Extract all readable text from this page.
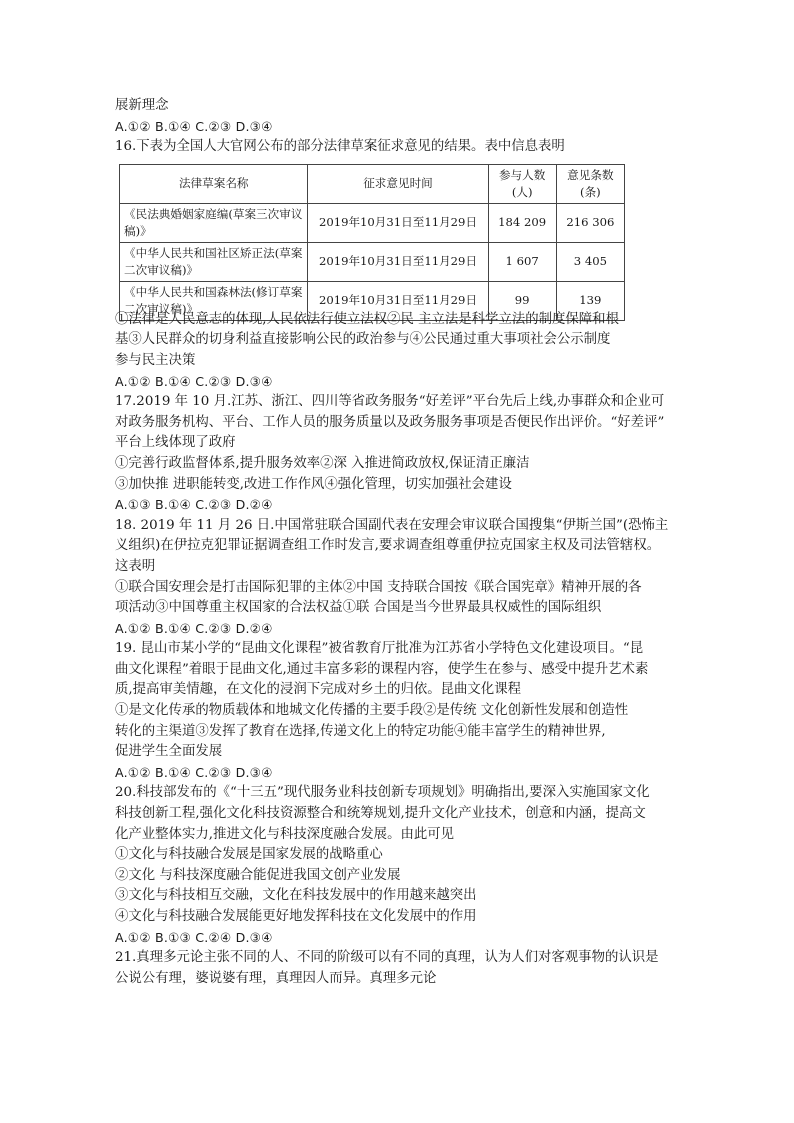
展新理念
A.①② B.①④ C.②③ D.③④
16.下表为全国人大官网公布的部分法律草案征求意见的结果。表中信息表明
法律草案名称	征求意见时间	参与人数(人)	意见条数(条)
《民法典婚姻家庭编(草案三次审议稿)》	2019年10月31日至11月29日	184 209	216 306
《中华人民共和国社区矫正法(草案二次审议稿)》	2019年10月31日至11月29日	1 607	3 405
《中华人民共和国森林法(修订草案二次审议稿)》	2019年10月31日至11月29日	99	139
①法律是人民意志的体现,人民依法行使立法权②民 主立法是科学立法的制度保障和根
基③人民群众的切身利益直接影响公民的政治参与④公民通过重大事项社会公示制度
参与民主决策
A.①② B.①④ C.②③ D.③④
17.2019 年 10 月.江苏、浙江、四川等省政务服务“好差评”平台先后上线,办事群众和企业可
对政务服务机构、平台、工作人员的服务质量以及政务服务事项是否便民作出评价。“好差评”
平台上线体现了政府
①完善行政监督体系,提升服务效率②深 入推进简政放权,保证清正廉洁
③加快推 进职能转变,改进工作作风④强化管理，切实加强社会建设
A.①③ B.①④ C.②③ D.②④
18. 2019 年 11 月 26 日.中国常驻联合国副代表在安理会审议联合国搜集“伊斯兰国”(恐怖主
义组织)在伊拉克犯罪证据调查组工作时发言,要求调查组尊重伊拉克国家主权及司法管辖权。
这表明
①联合国安理会是打击国际犯罪的主体②中国 支持联合国按《联合国宪章》精神开展的各
项活动③中国尊重主权国家的合法权益①联 合国是当今世界最具权威性的国际组织
A.①② B.①④ C.②③ D.②④
19. 昆山市某小学的“昆曲文化课程”被省教育厅批准为江苏省小学特色文化建设项目。“昆
曲文化课程”着眼于昆曲文化,通过丰富多彩的课程内容，使学生在参与、感受中提升艺术素
质,提高审美情趣，在文化的浸润下完成对乡土的归依。昆曲文化课程
①是文化传承的物质载体和地城文化传播的主要手段②是传统 文化创新性发展和创造性
转化的主渠道③发挥了教育在选择,传递文化上的特定功能④能丰富学生的精神世界,
促进学生全面发展
A.①② B.①④ C.②③ D.③④
20.科技部发布的《“十三五”现代服务业科技创新专项规划》明确指出,要深入实施国家文化
科技创新工程,强化文化科技资源整合和统筹规划,提升文化产业技术，创意和内涵，提高文
化产业整体实力,推进文化与科技深度融合发展。由此可见
①文化与科技融合发展是国家发展的战略重心
②文化 与科技深度融合能促进我国文创产业发展
③文化与科技相互交融，文化在科技发展中的作用越来越突出
④文化与科技融合发展能更好地发挥科技在文化发展中的作用
A.①② B.①③ C.②④ D.③④
21.真理多元论主张不同的人、不同的阶级可以有不同的真理，认为人们对客观事物的认识是
公说公有理，婆说婆有理，真理因人而异。真理多元论
